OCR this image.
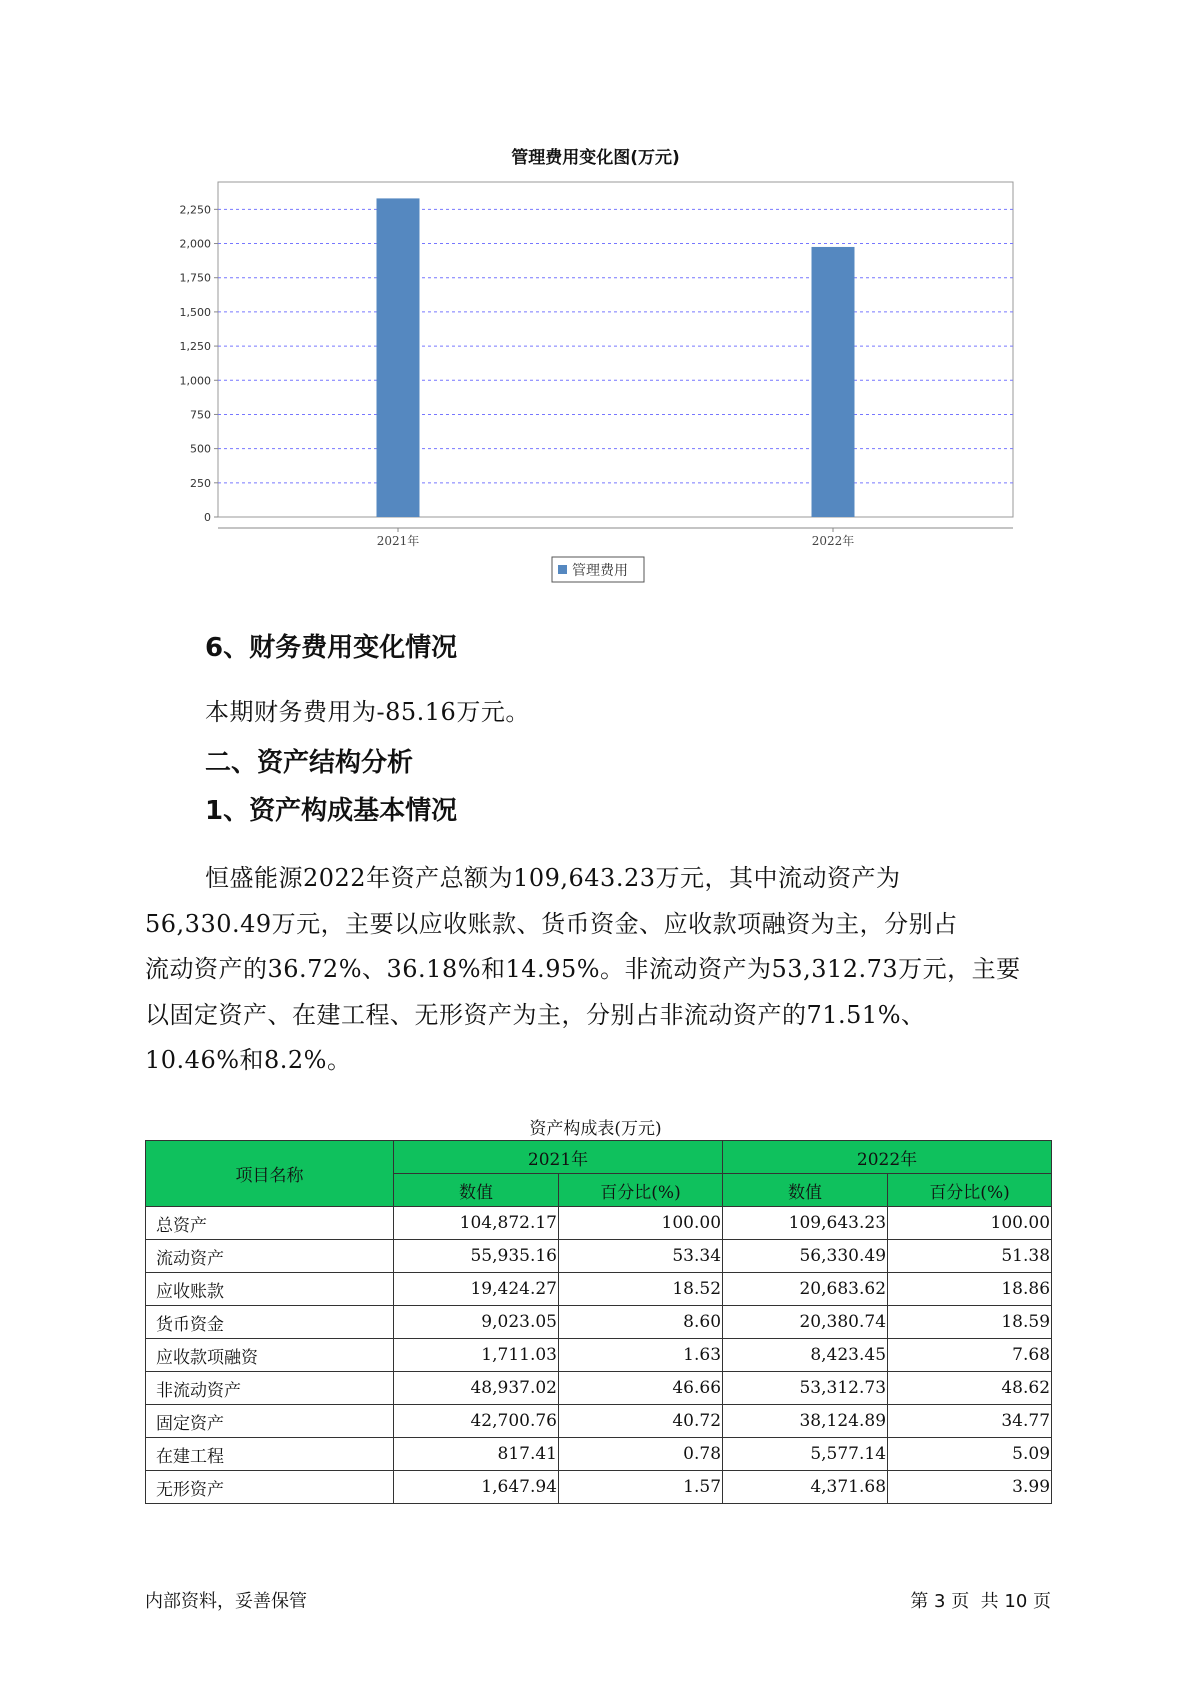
管理费用变化图(万元)
0
250
500
750
1,000
1,250
1,500
1,750
2,000
2,250
2021年	2022年
管理费用
6、财务费用变化情况
本期财务费用为-85.16万元。
二、资产结构分析
1、资产构成基本情况
恒盛能源2022年资产总额为109,643.23万元，其中流动资产为
56,330.49万元，主要以应收账款、货币资金、应收款项融资为主，分别占
流动资产的36.72%、36.18%和14.95%。非流动资产为53,312.73万元，主要
以固定资产、在建工程、无形资产为主，分别占非流动资产的71.51%、
10.46%和8.2%。
资产构成表(万元)
项目名称	2021年		2022年	
	数值	百分比(%)	数值	百分比(%)
总资产	104,872.17	100.00	109,643.23	100.00
流动资产	55,935.16	53.34	56,330.49	51.38
应收账款	19,424.27	18.52	20,683.62	18.86
货币资金	9,023.05	8.60	20,380.74	18.59
应收款项融资	1,711.03	1.63	8,423.45	7.68
非流动资产	48,937.02	46.66	53,312.73	48.62
固定资产	42,700.76	40.72	38,124.89	34.77
在建工程	817.41	0.78	5,577.14	5.09
无形资产	1,647.94	1.57	4,371.68	3.99
内部资料，妥善保管	第 3 页  共 10 页
